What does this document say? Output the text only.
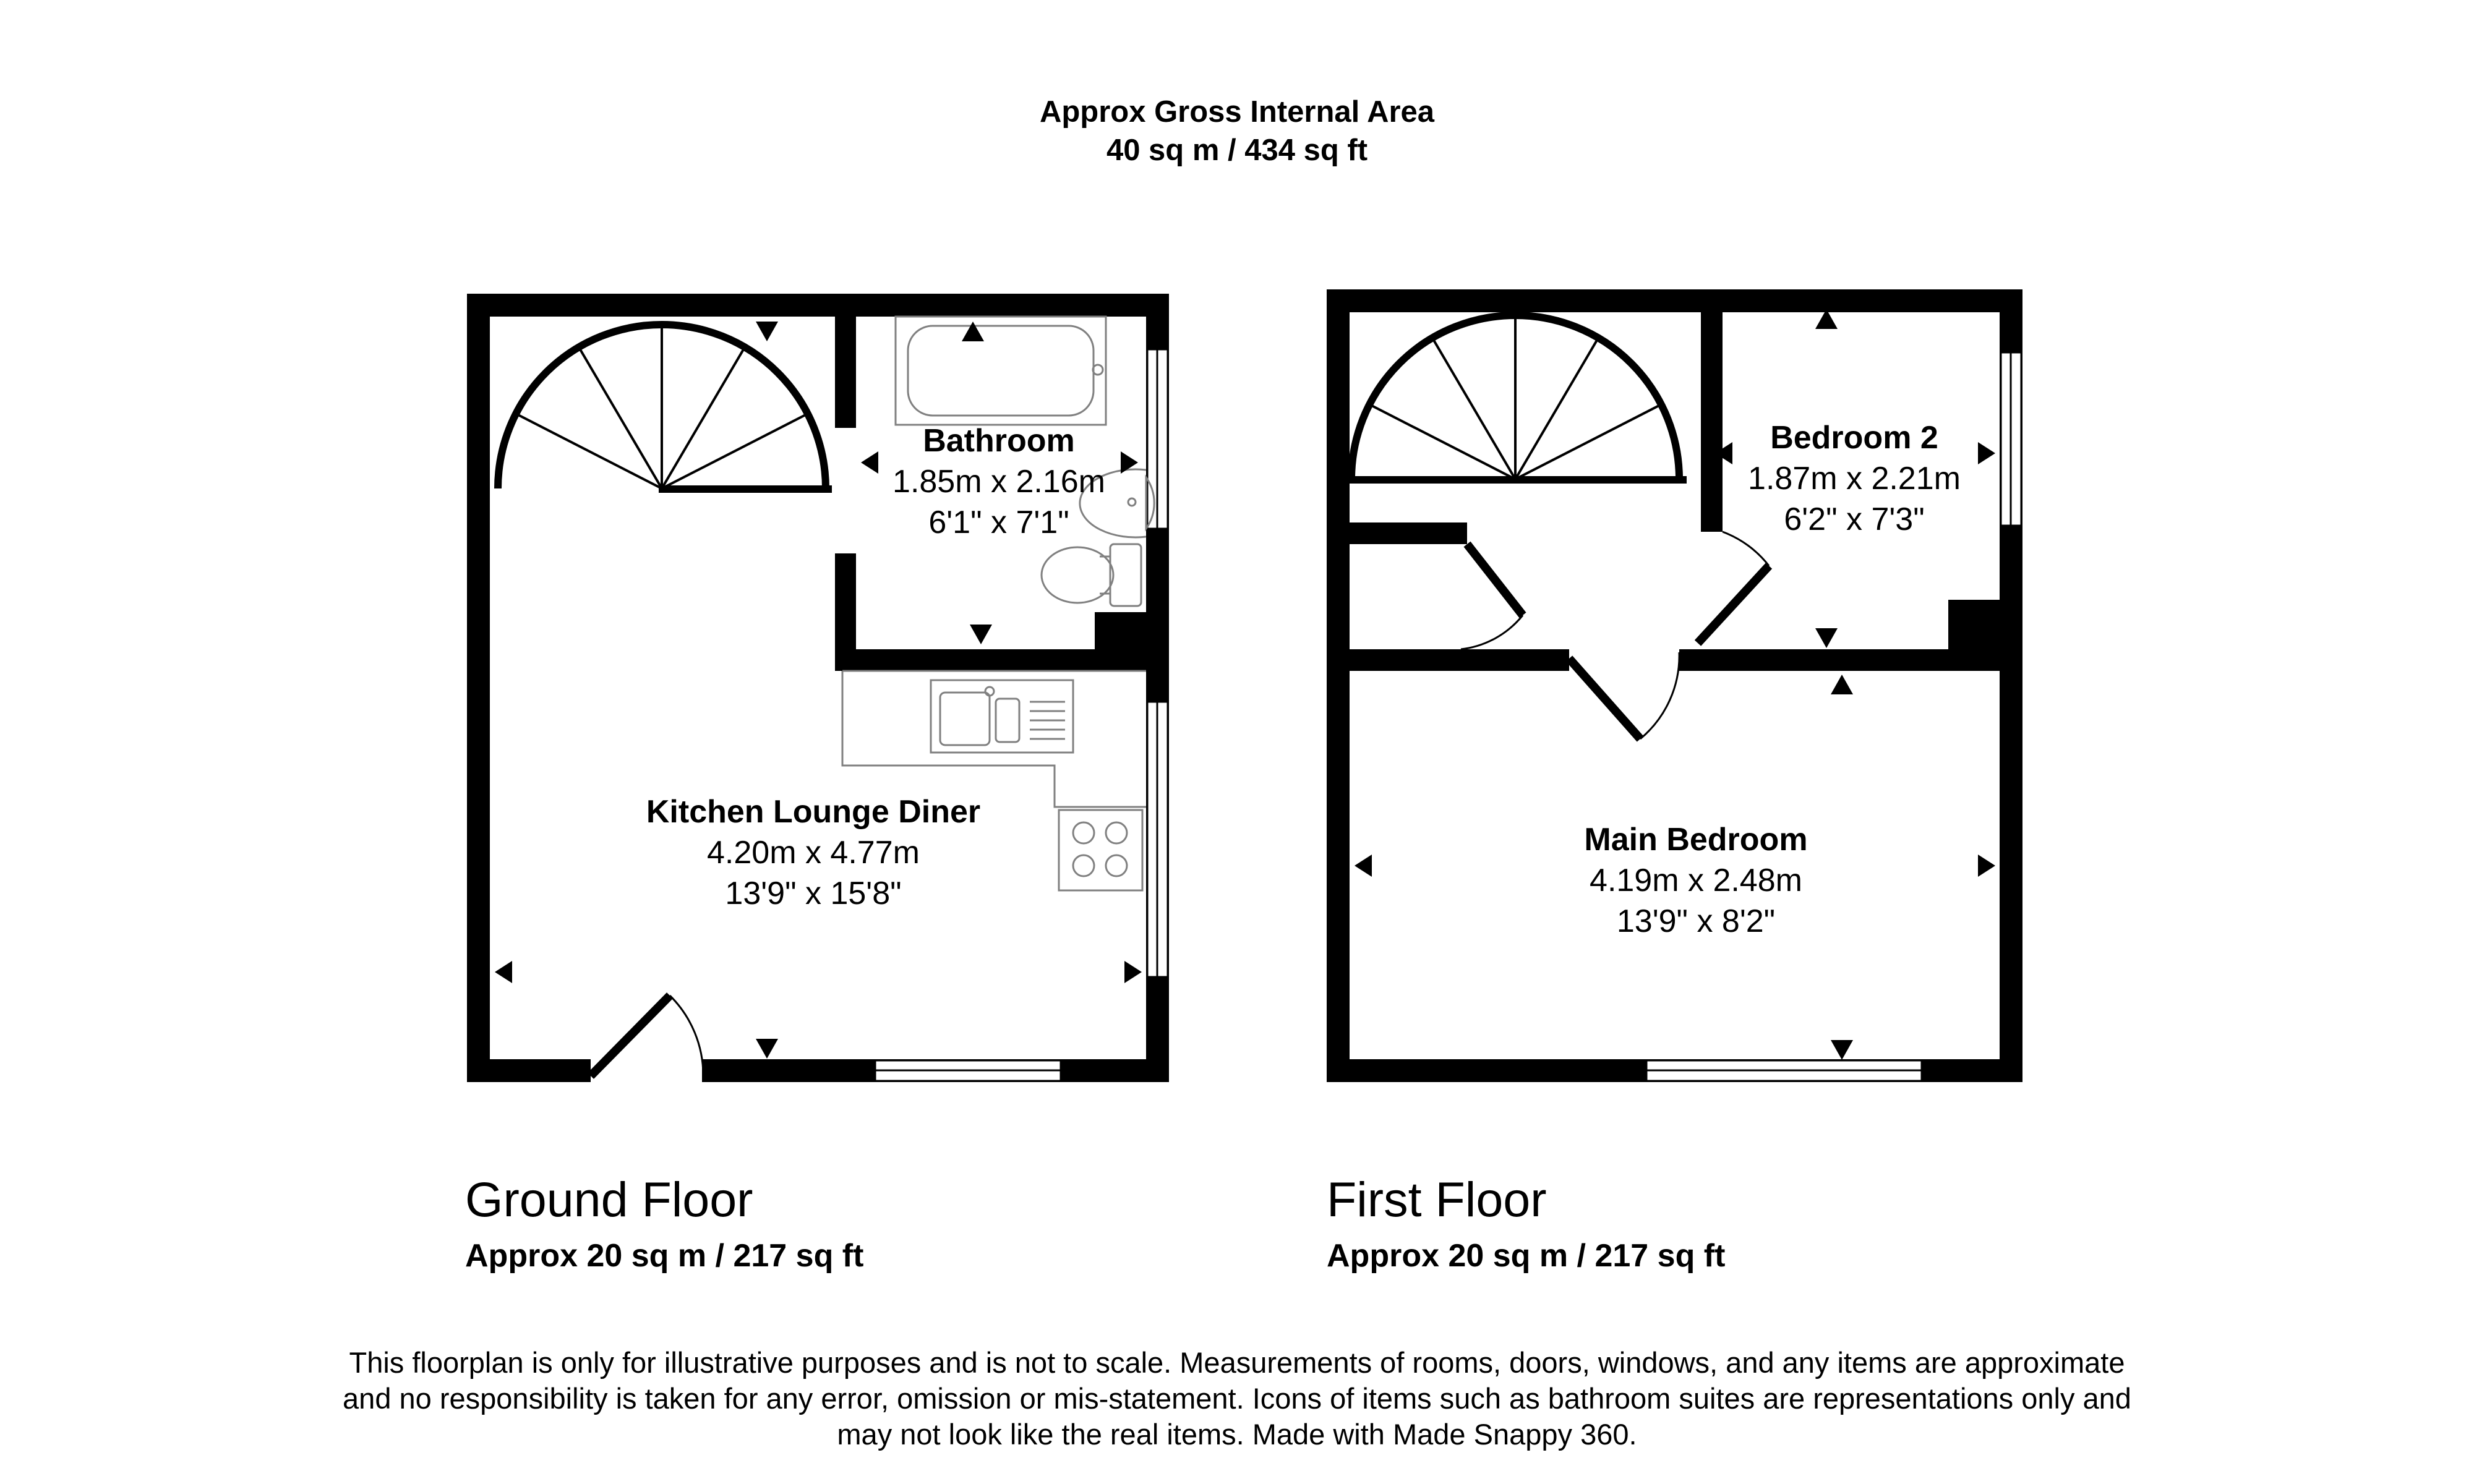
Approx Gross Internal Area
40 sq m / 434 sq ft
Bathroom
1.85m x 2.16m
6'1" x 7'1"
Kitchen Lounge Diner
4.20m x 4.77m
13'9" x 15'8"
Bedroom 2
1.87m x 2.21m
6'2" x 7'3"
Main Bedroom
4.19m x 2.48m
13'9" x 8'2"
Ground Floor
Approx 20 sq m / 217 sq ft
First Floor
Approx 20 sq m / 217 sq ft
This floorplan is only for illustrative purposes and is not to scale. Measurements of rooms, doors, windows, and any items are approximate
and no responsibility is taken for any error, omission or mis-statement. Icons of items such as bathroom suites are representations only and
may not look like the real items. Made with Made Snappy 360.
